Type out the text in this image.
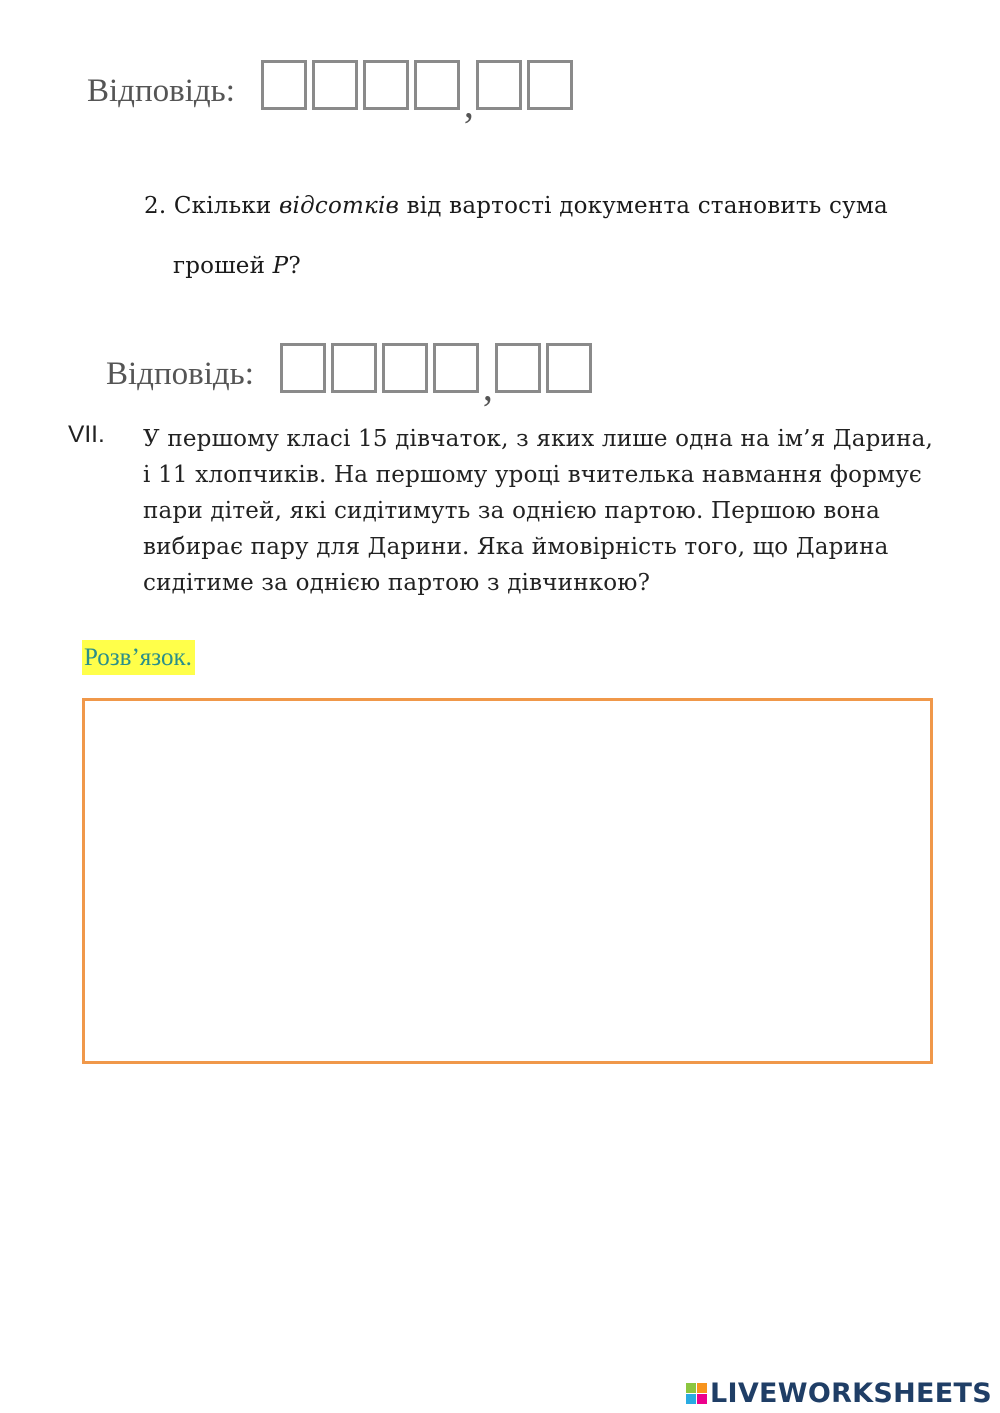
Відповідь:	,
2. Скільки відсотків від вартості документа становить сума
грошей P?
Відповідь:	,
VII. У першому класі 15 дівчаток, з яких лише одна на ім’я Дарина, і 11 хлопчиків. На першому уроці вчителька навмання формує пари дітей, які сидітимуть за однією партою. Першою вона вибирає пару для Дарини. Яка ймовірність того, що Дарина сидітиме за однією партою з дівчинкою?
Розв’язок.
LIVEWORKSHEETS
